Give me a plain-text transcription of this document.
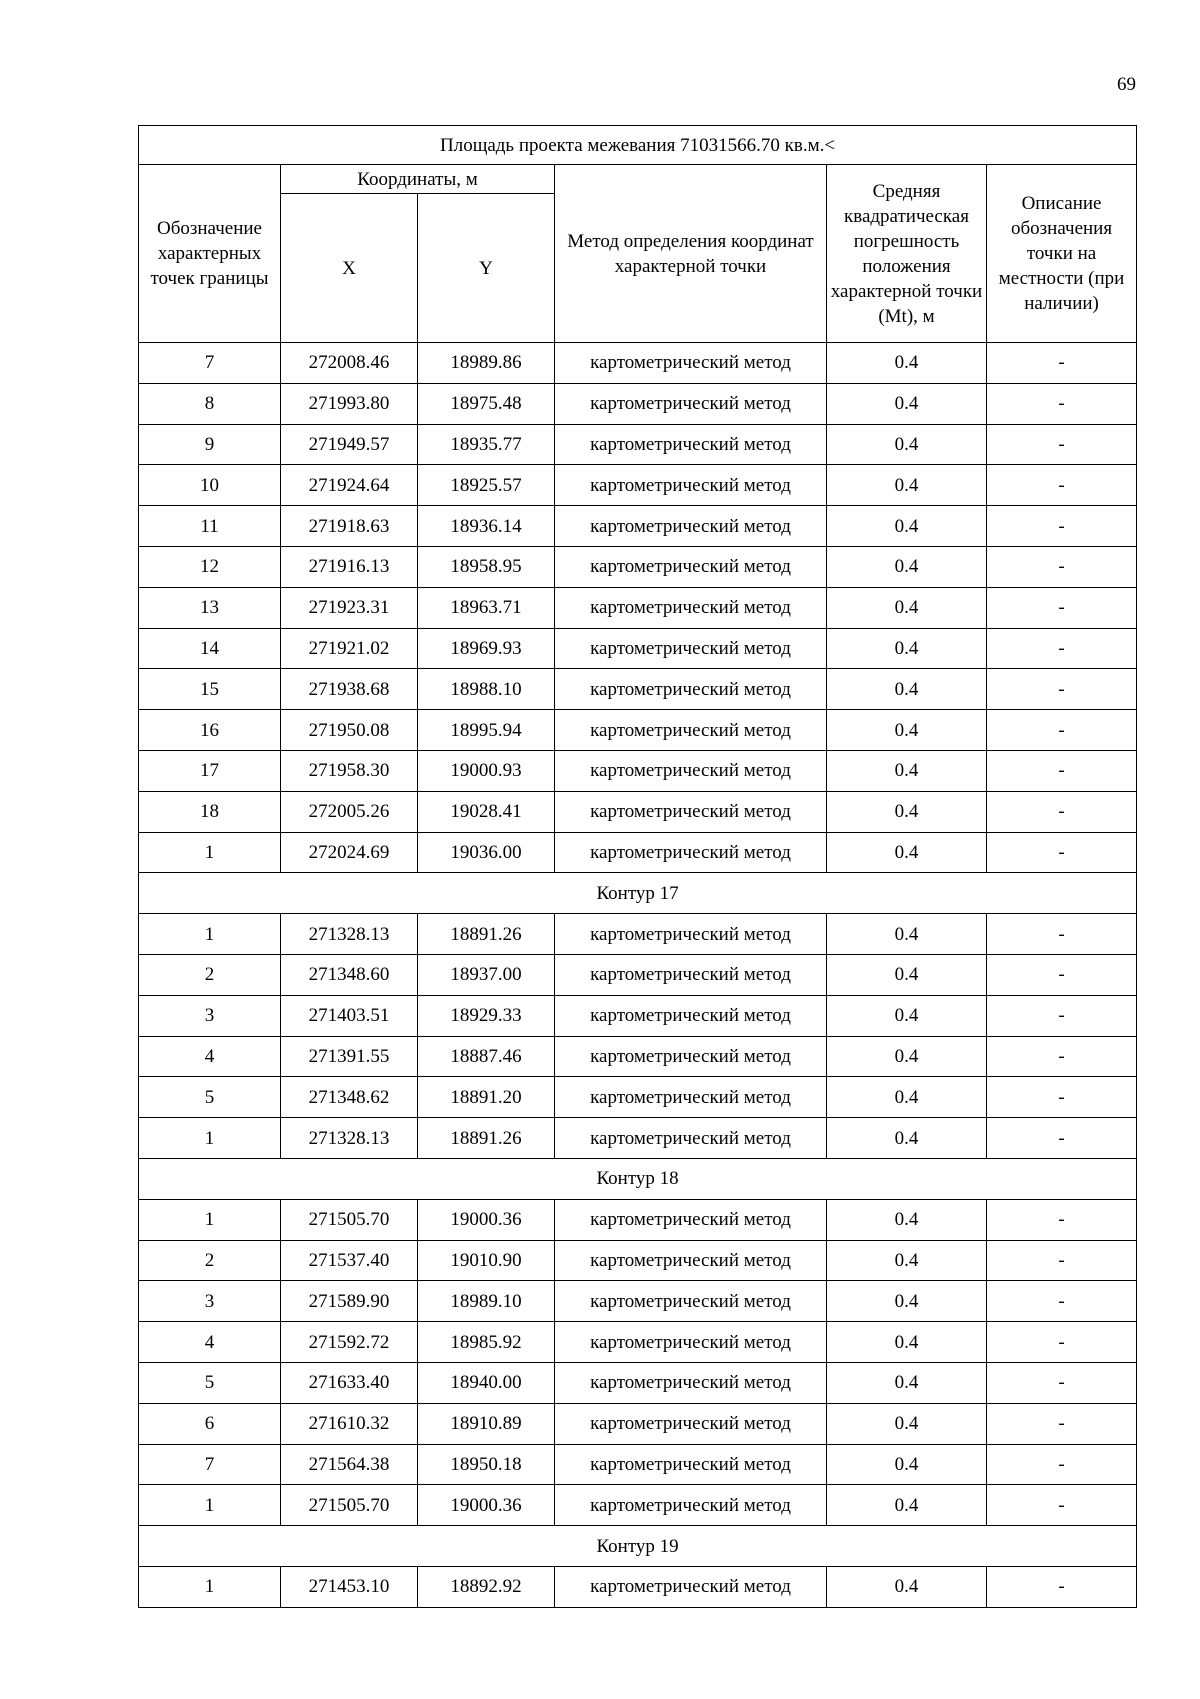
69
Площадь проекта межевания 71031566.70 кв.м.<					
Обозначение характерных точек границы	Координаты, м		Метод определения координат характерной точки	Средняя квадратическая погрешность положения характерной точки (Mt), м	Описание обозначения точки на местности (при наличии)
	X	Y			
7	272008.46	18989.86	картометрический метод	0.4	-
8	271993.80	18975.48	картометрический метод	0.4	-
9	271949.57	18935.77	картометрический метод	0.4	-
10	271924.64	18925.57	картометрический метод	0.4	-
11	271918.63	18936.14	картометрический метод	0.4	-
12	271916.13	18958.95	картометрический метод	0.4	-
13	271923.31	18963.71	картометрический метод	0.4	-
14	271921.02	18969.93	картометрический метод	0.4	-
15	271938.68	18988.10	картометрический метод	0.4	-
16	271950.08	18995.94	картометрический метод	0.4	-
17	271958.30	19000.93	картометрический метод	0.4	-
18	272005.26	19028.41	картометрический метод	0.4	-
1	272024.69	19036.00	картометрический метод	0.4	-
Контур 17					
1	271328.13	18891.26	картометрический метод	0.4	-
2	271348.60	18937.00	картометрический метод	0.4	-
3	271403.51	18929.33	картометрический метод	0.4	-
4	271391.55	18887.46	картометрический метод	0.4	-
5	271348.62	18891.20	картометрический метод	0.4	-
1	271328.13	18891.26	картометрический метод	0.4	-
Контур 18					
1	271505.70	19000.36	картометрический метод	0.4	-
2	271537.40	19010.90	картометрический метод	0.4	-
3	271589.90	18989.10	картометрический метод	0.4	-
4	271592.72	18985.92	картометрический метод	0.4	-
5	271633.40	18940.00	картометрический метод	0.4	-
6	271610.32	18910.89	картометрический метод	0.4	-
7	271564.38	18950.18	картометрический метод	0.4	-
1	271505.70	19000.36	картометрический метод	0.4	-
Контур 19					
1	271453.10	18892.92	картометрический метод	0.4	-
